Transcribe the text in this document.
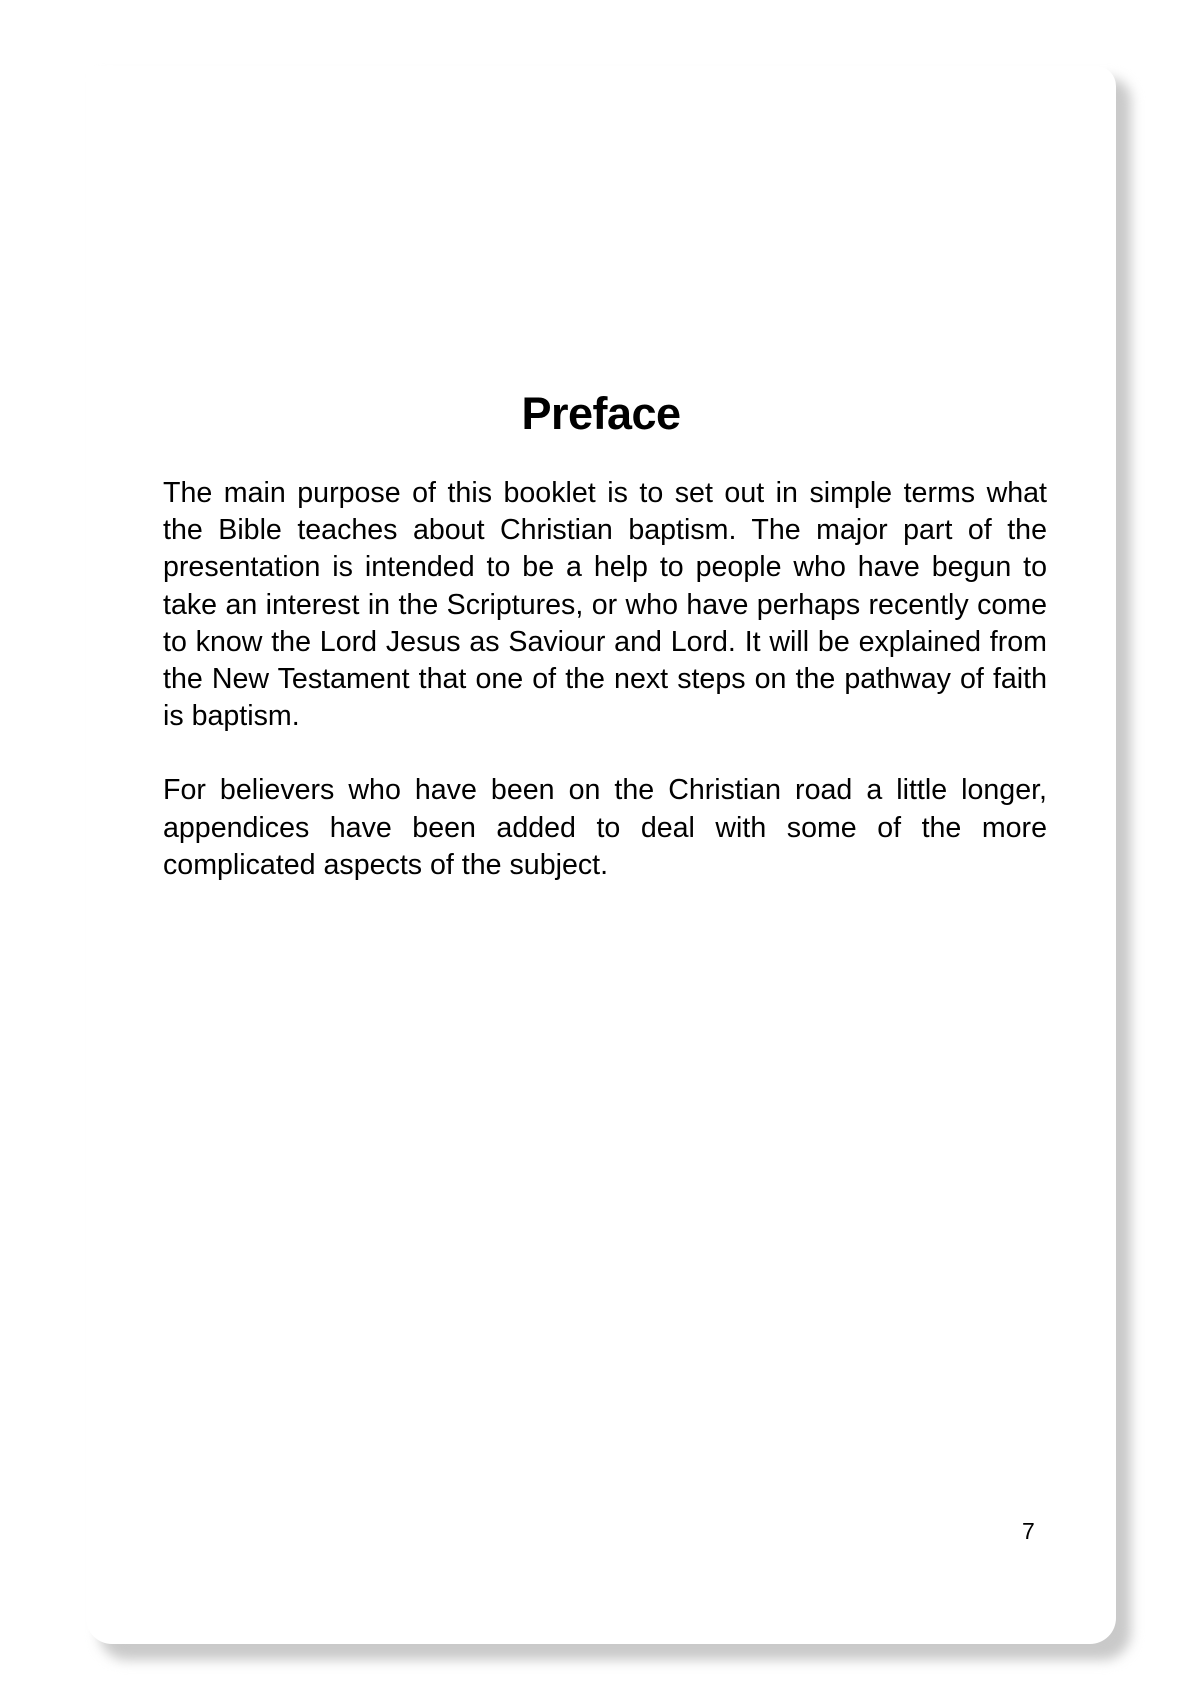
Preface

The main purpose of this booklet is to set out in simple terms what the Bible teaches about Christian baptism. The major part of the presentation is intended to be a help to people who have begun to take an interest in the Scriptures, or who have perhaps recently come to know the Lord Jesus as Saviour and Lord. It will be explained from the New Testament that one of the next steps on the pathway of faith is baptism.

For believers who have been on the Christian road a little longer, appendices have been added to deal with some of the more complicated aspects of the subject.

7
